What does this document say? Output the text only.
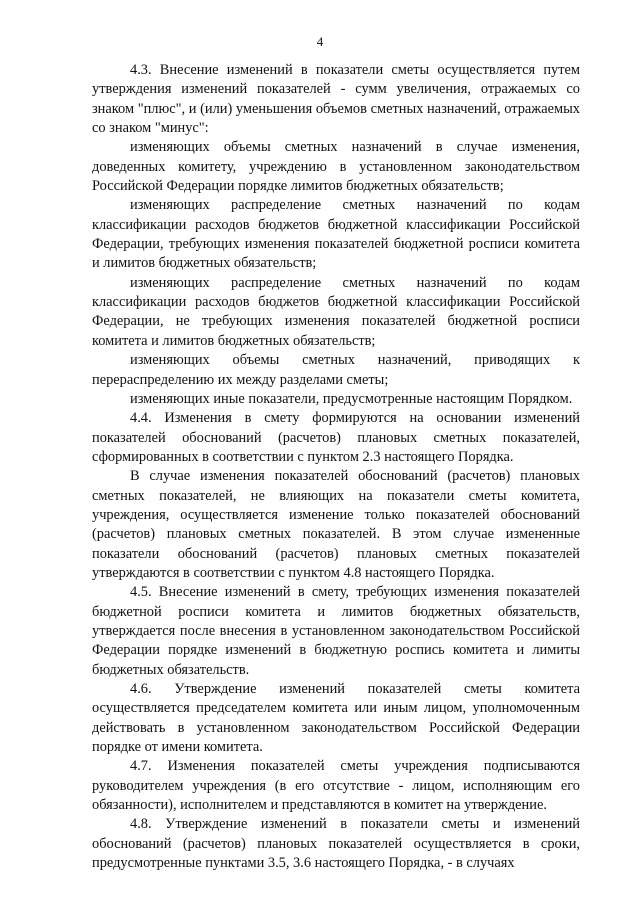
4

4.3. Внесение изменений в показатели сметы осуществляется путем утверждения изменений показателей - сумм увеличения, отражаемых со знаком "плюс", и (или) уменьшения объемов сметных назначений, отражаемых со знаком "минус":

изменяющих объемы сметных назначений в случае изменения, доведенных комитету, учреждению в установленном законодательством Российской Федерации порядке лимитов бюджетных обязательств;

изменяющих распределение сметных назначений по кодам классификации расходов бюджетов бюджетной классификации Российской Федерации, требующих изменения показателей бюджетной росписи комитета и лимитов бюджетных обязательств;

изменяющих распределение сметных назначений по кодам классификации расходов бюджетов бюджетной классификации Российской Федерации, не требующих изменения показателей бюджетной росписи комитета и лимитов бюджетных обязательств;

изменяющих объемы сметных назначений, приводящих к перераспределению их между разделами сметы;

изменяющих иные показатели, предусмотренные настоящим Порядком.

4.4. Изменения в смету формируются на основании изменений показателей обоснований (расчетов) плановых сметных показателей, сформированных в соответствии с пунктом 2.3 настоящего Порядка.

В случае изменения показателей обоснований (расчетов) плановых сметных показателей, не влияющих на показатели сметы комитета, учреждения, осуществляется изменение только показателей обоснований (расчетов) плановых сметных показателей. В этом случае измененные показатели обоснований (расчетов) плановых сметных показателей утверждаются в соответствии с пунктом 4.8 настоящего Порядка.

4.5. Внесение изменений в смету, требующих изменения показателей бюджетной росписи комитета и лимитов бюджетных обязательств, утверждается после внесения в установленном законодательством Российской Федерации порядке изменений в бюджетную роспись комитета и лимиты бюджетных обязательств.

4.6. Утверждение изменений показателей сметы комитета осуществляется председателем комитета или иным лицом, уполномоченным действовать в установленном законодательством Российской Федерации порядке от имени комитета.

4.7. Изменения показателей сметы учреждения подписываются руководителем учреждения (в его отсутствие - лицом, исполняющим его обязанности), исполнителем и представляются в комитет на утверждение.

4.8. Утверждение изменений в показатели сметы и изменений обоснований (расчетов) плановых показателей осуществляется в сроки, предусмотренные пунктами 3.5, 3.6 настоящего Порядка, - в случаях
